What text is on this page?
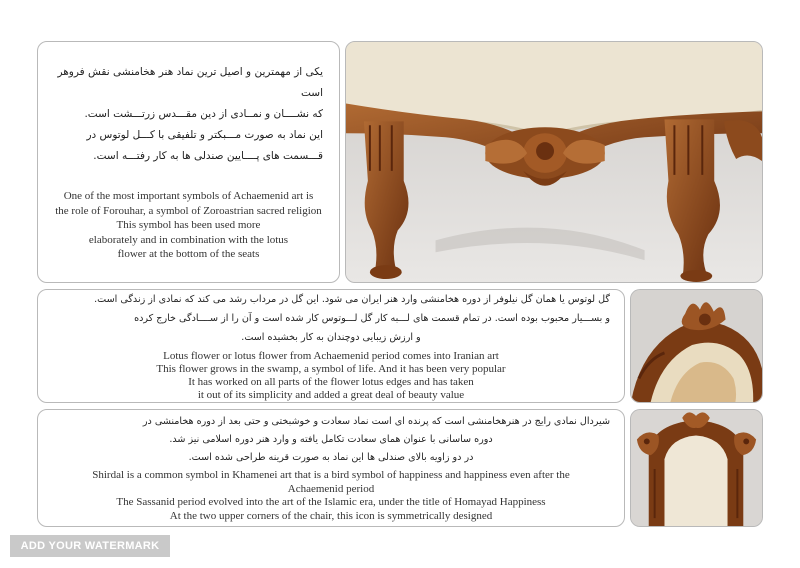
یکی از مهمترین و اصیل ترین نماد هنر هخامنشی نقش فروهر است

که نشــــان و نمــادی از دین مقـــدس زرتـــشت است.

این نماد به صورت مـــبکتر و تلفیقی با کـــل لوتوس در

قـــسمت های پــــایین صندلی ها به کار رفتـــه است.

One of the most important symbols of Achaemenid art is

the role of Forouhar, a symbol of Zoroastrian sacred religion

This symbol has been used more

elaborately and in combination with the lotus

flower at the bottom of the seats

گل لوتوس یا همان گل نیلوفر از دوره هخامنشی وارد هنر ایران می شود. این گل در مرداب رشد می کند که نمادی از زندگی است.

و بســـیار محبوب بوده است. در تمام قسمت های لـــبه کار گل لـــوتوس کار شده است و آن را از ســــادگی خارج کرده

و ارزش زیبایی دوچندان به کار بخشیده است.

Lotus flower or lotus flower from Achaemenid period comes into Iranian art

This flower grows in the swamp, a symbol of life. And it has been very popular

It has worked on all parts of the flower lotus edges and has taken

it out of its simplicity and added a great deal of beauty value

شیردال نمادی رایج در هنرهخامنشی است که پرنده ای است نماد سعادت و خوشبختی و حتی بعد از دوره هخامنشی در

دوره ساسانی با عنوان همای سعادت تکامل یافته و وارد هنر دوره اسلامی نیز شد.

در دو زاویه بالای صندلی ها این نماد به صورت قرینه طراحی شده است.

Shirdal is a common symbol in Khamenei art that is a bird symbol of happiness and happiness even after the

Achaemenid period

The Sassanid period evolved into the art of the Islamic era, under the title of Homayad Happiness

At the two upper corners of the chair, this icon is symmetrically designed

ADD YOUR WATERMARK
